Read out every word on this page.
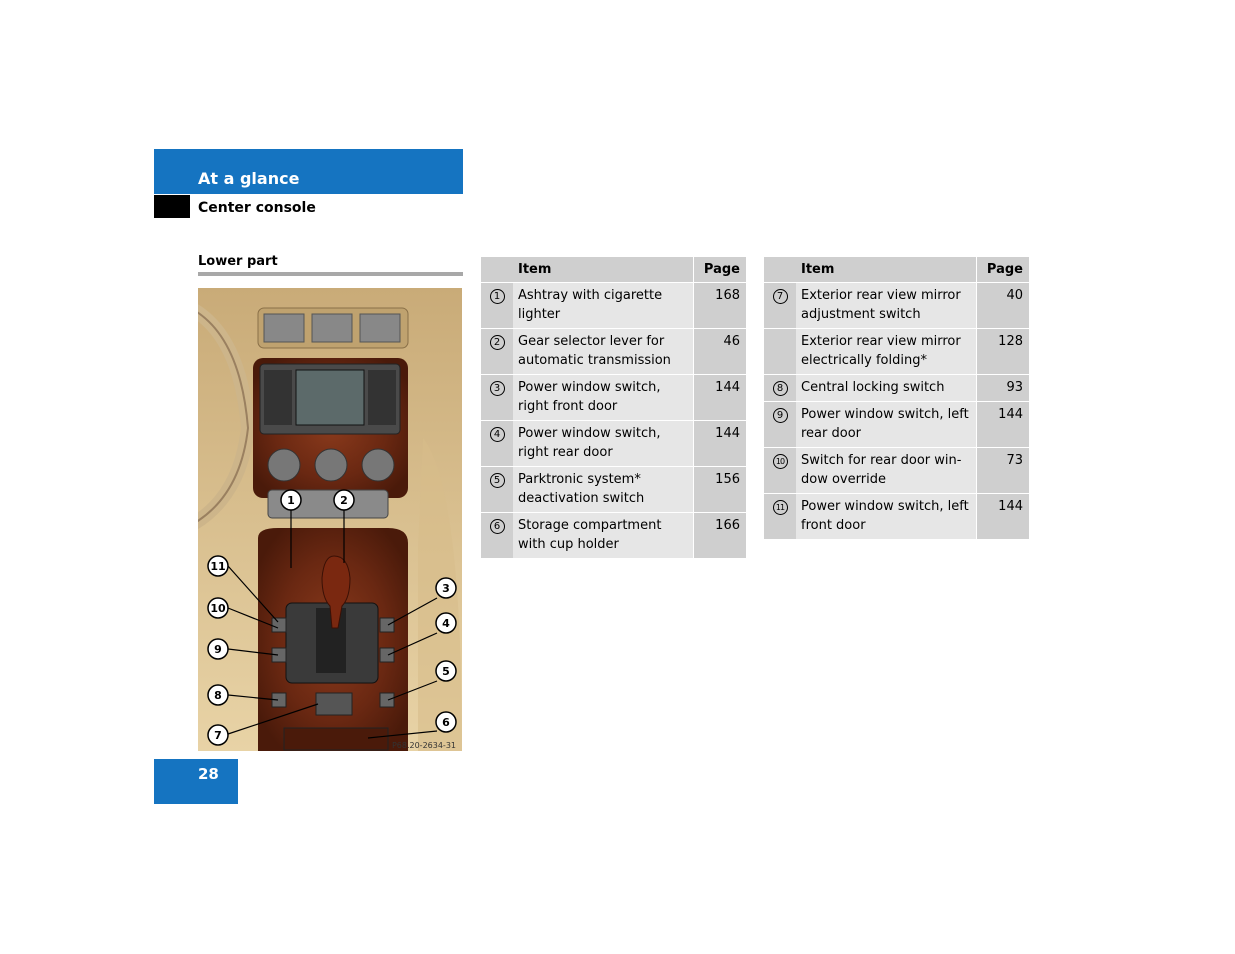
At a glance
Center console
Lower part
1	2
3
4
5
6
7
8
9
10
11
P68.20-2634-31
	Item	Page
1	Ashtray with cigarette lighter	168
2	Gear selector lever for automatic transmission	46
3	Power window switch, right front door	144
4	Power window switch, right rear door	144
5	Parktronic system* deactivation switch	156
6	Storage compartment with cup holder	166
	Item	Page
7	Exterior rear view mirror adjustment switch	40
	Exterior rear view mirror electrically folding*	128
8	Central locking switch	93
9	Power window switch, left rear door	144
10	Switch for rear door win-dow override	73
11	Power window switch, left front door	144
28
